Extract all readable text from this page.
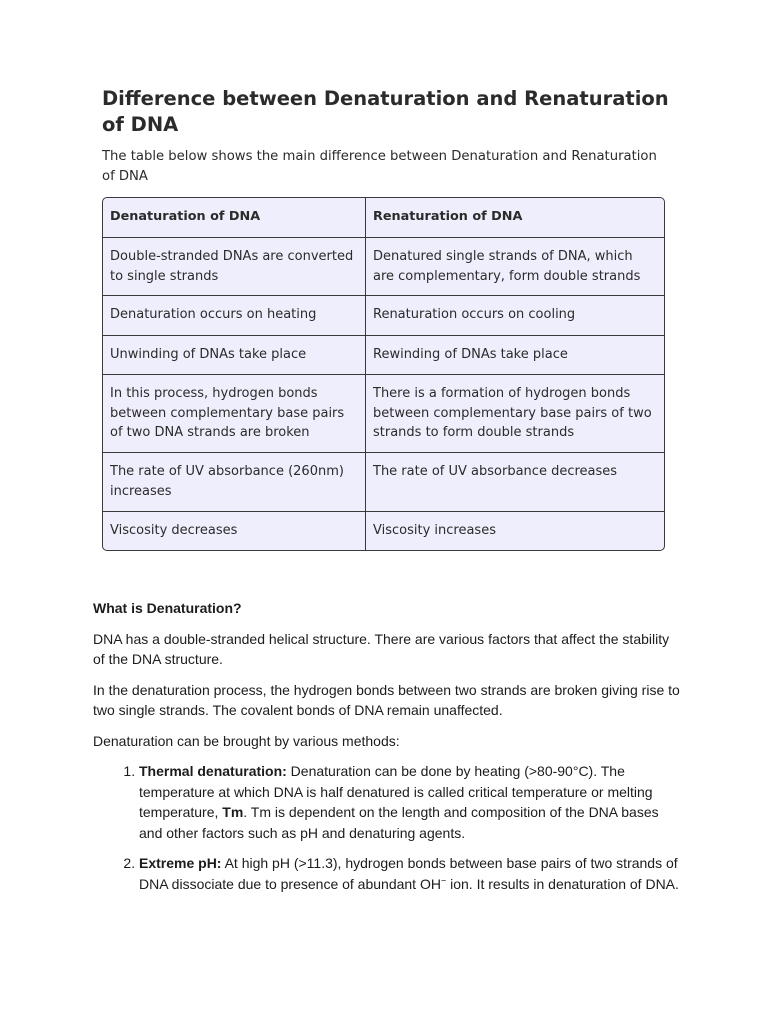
Difference between Denaturation and Renaturation of DNA

The table below shows the main difference between Denaturation and Renaturation of DNA

Denaturation of DNA	Renaturation of DNA
Double-stranded DNAs are converted to single strands	Denatured single strands of DNA, which are complementary, form double strands
Denaturation occurs on heating	Renaturation occurs on cooling
Unwinding of DNAs take place	Rewinding of DNAs take place
In this process, hydrogen bonds between complementary base pairs of two DNA strands are broken	There is a formation of hydrogen bonds between complementary base pairs of two strands to form double strands
The rate of UV absorbance (260nm) increases	The rate of UV absorbance decreases
Viscosity decreases	Viscosity increases

What is Denaturation?

DNA has a double-stranded helical structure. There are various factors that affect the stability of the DNA structure.

In the denaturation process, the hydrogen bonds between two strands are broken giving rise to two single strands. The covalent bonds of DNA remain unaffected.

Denaturation can be brought by various methods:

1. Thermal denaturation: Denaturation can be done by heating (>80-90°C). The temperature at which DNA is half denatured is called critical temperature or melting temperature, Tm. Tm is dependent on the length and composition of the DNA bases and other factors such as pH and denaturing agents.
2. Extreme pH: At high pH (>11.3), hydrogen bonds between base pairs of two strands of DNA dissociate due to presence of abundant OH− ion. It results in denaturation of DNA.
